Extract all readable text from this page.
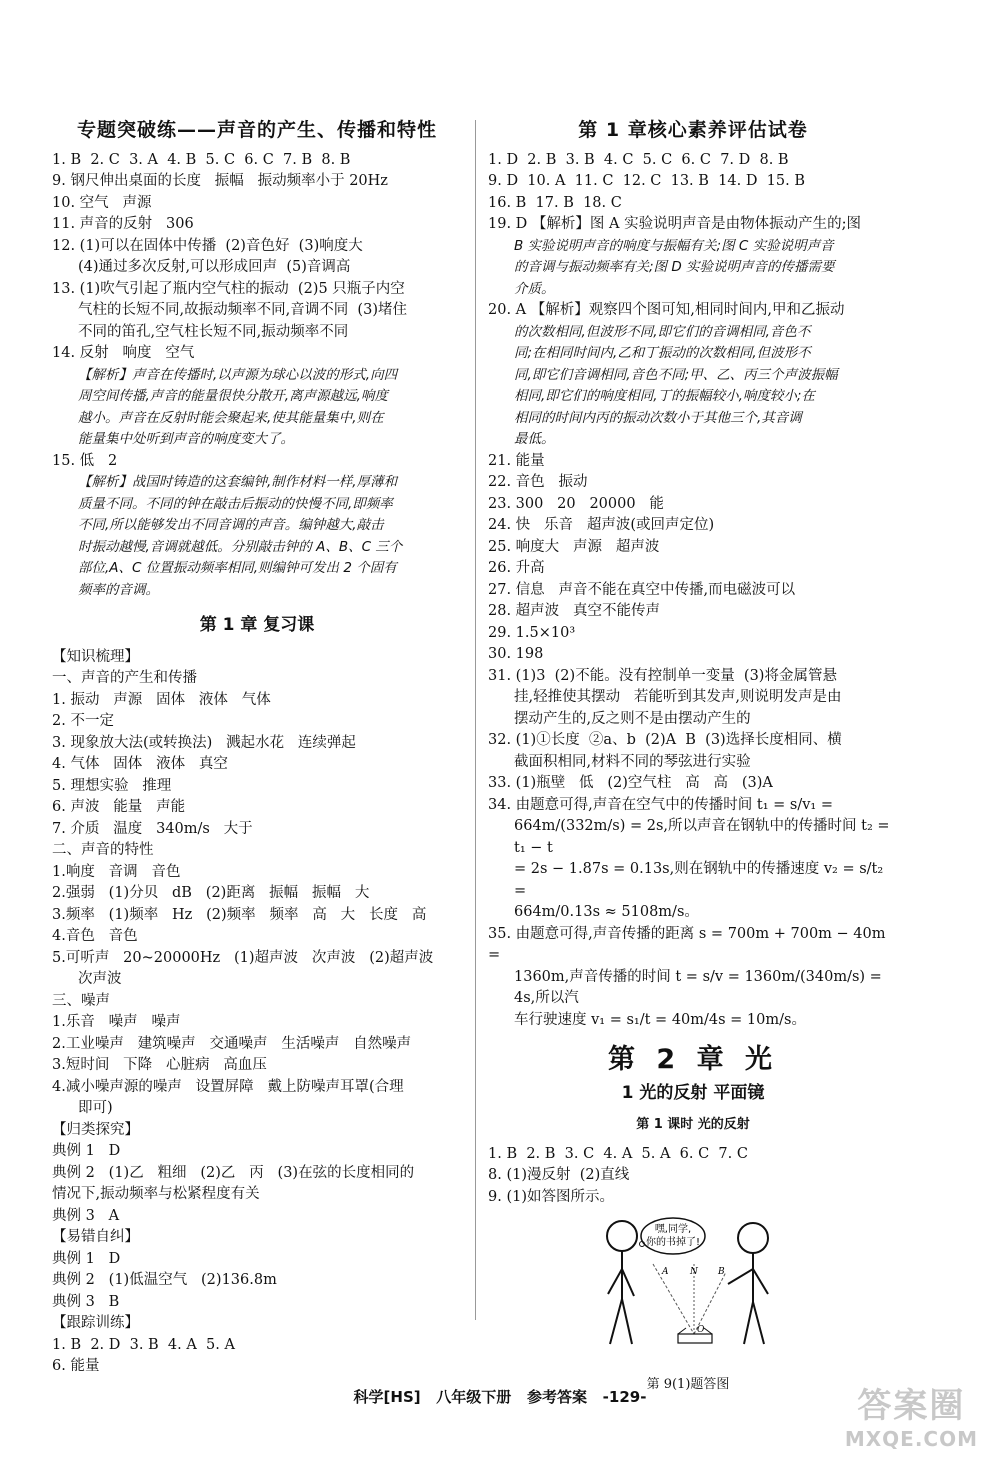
专题突破练——声音的产生、传播和特性
1. B  2. C  3. A  4. B  5. C  6. C  7. B  8. B
9. 钢尺伸出桌面的长度   振幅   振动频率小于 20Hz
10. 空气   声源
11. 声音的反射   306
12. (1)可以在固体中传播  (2)音色好  (3)响度大
(4)通过多次反射,可以形成回声  (5)音调高
13. (1)吹气引起了瓶内空气柱的振动  (2)5 只瓶子内空
气柱的长短不同,故振动频率不同,音调不同  (3)堵住
不同的笛孔,空气柱长短不同,振动频率不同
14. 反射   响度   空气
【解析】声音在传播时,以声源为球心以波的形式,向四
周空间传播,声音的能量很快分散开,离声源越远,响度
越小。声音在反射时能会聚起来,使其能量集中,则在
能量集中处听到声音的响度变大了。
15. 低   2
【解析】战国时铸造的这套编钟,制作材料一样,厚薄和
质量不同。不同的钟在敲击后振动的快慢不同,即频率
不同,所以能够发出不同音调的声音。编钟越大,敲击
时振动越慢,音调就越低。分别敲击钟的 A、B、C 三个
部位,A、C 位置振动频率相同,则编钟可发出 2 个固有
频率的音调。
第 1 章 复习课
【知识梳理】
一、声音的产生和传播
1. 振动   声源   固体   液体   气体
2. 不一定
3. 现象放大法(或转换法)   溅起水花   连续弹起
4. 气体   固体   液体   真空
5. 理想实验   推理
6. 声波   能量   声能
7. 介质   温度   340m/s   大于
二、声音的特性
1.响度   音调   音色
2.强弱   (1)分贝   dB   (2)距离   振幅   振幅   大
3.频率   (1)频率   Hz   (2)频率   频率   高   大   长度   高
4.音色   音色
5.可听声   20~20000Hz   (1)超声波   次声波   (2)超声波
次声波
三、噪声
1.乐音   噪声   噪声
2.工业噪声   建筑噪声   交通噪声   生活噪声   自然噪声
3.短时间   下降   心脏病   高血压
4.减小噪声源的噪声   设置屏障   戴上防噪声耳罩(合理
即可)
【归类探究】
典例 1   D
典例 2   (1)乙   粗细   (2)乙   丙   (3)在弦的长度相同的
情况下,振动频率与松紧程度有关
典例 3   A
【易错自纠】
典例 1   D
典例 2   (1)低温空气   (2)136.8m
典例 3   B
【跟踪训练】
1. B  2. D  3. B  4. A  5. A
6. 能量
第 1 章核心素养评估试卷
1. D  2. B  3. B  4. C  5. C  6. C  7. D  8. B
9. D  10. A  11. C  12. C  13. B  14. D  15. B
16. B  17. B  18. C
19. D 【解析】图 A 实验说明声音是由物体振动产生的;图
B 实验说明声音的响度与振幅有关;图 C 实验说明声音
的音调与振动频率有关;图 D 实验说明声音的传播需要
介质。
20. A 【解析】观察四个图可知,相同时间内,甲和乙振动
的次数相同,但波形不同,即它们的音调相同,音色不
同;在相同时间内,乙和丁振动的次数相同,但波形不
同,即它们音调相同,音色不同;甲、乙、丙三个声波振幅
相同,即它们的响度相同,丁的振幅较小,响度较小;在
相同的时间内丙的振动次数小于其他三个,其音调
最低。
21. 能量
22. 音色   振动
23. 300   20   20000   能
24. 快   乐音   超声波(或回声定位)
25. 响度大   声源   超声波
26. 升高
27. 信息   声音不能在真空中传播,而电磁波可以
28. 超声波   真空不能传声
29. 1.5×10³
30. 198
31. (1)3  (2)不能。没有控制单一变量  (3)将金属管悬
挂,轻推使其摆动   若能听到其发声,则说明发声是由
摆动产生的,反之则不是由摆动产生的
32. (1)①长度  ②a、b  (2)A  B  (3)选择长度相同、横
截面积相同,材料不同的琴弦进行实验
33. (1)瓶壁   低   (2)空气柱   高   高   (3)A
34. 由题意可得,声音在空气中的传播时间 t₁ = s/v₁ =
664m/(332m/s) = 2s,所以声音在钢轨中的传播时间 t₂ = t₁ − t
= 2s − 1.87s = 0.13s,则在钢轨中的传播速度 v₂ = s/t₂ =
664m/0.13s ≈ 5108m/s。
35. 由题意可得,声音传播的距离 s = 700m + 700m − 40m =
1360m,声音传播的时间 t = s/v = 1360m/(340m/s) = 4s,所以汽
车行驶速度 v₁ = s₁/t = 40m/4s = 10m/s。
第 2 章 光
1 光的反射 平面镜
第 1 课时 光的反射
1. B  2. B  3. C  4. A  5. A  6. C  7. C
8. (1)漫反射  (2)直线
9. (1)如答图所示。
嘿,同学,
你的书掉了!
A N B
O
第 9(1)题答图
科学[HS] 八年级下册 参考答案 -129-	答案圈
MXQE.COM
